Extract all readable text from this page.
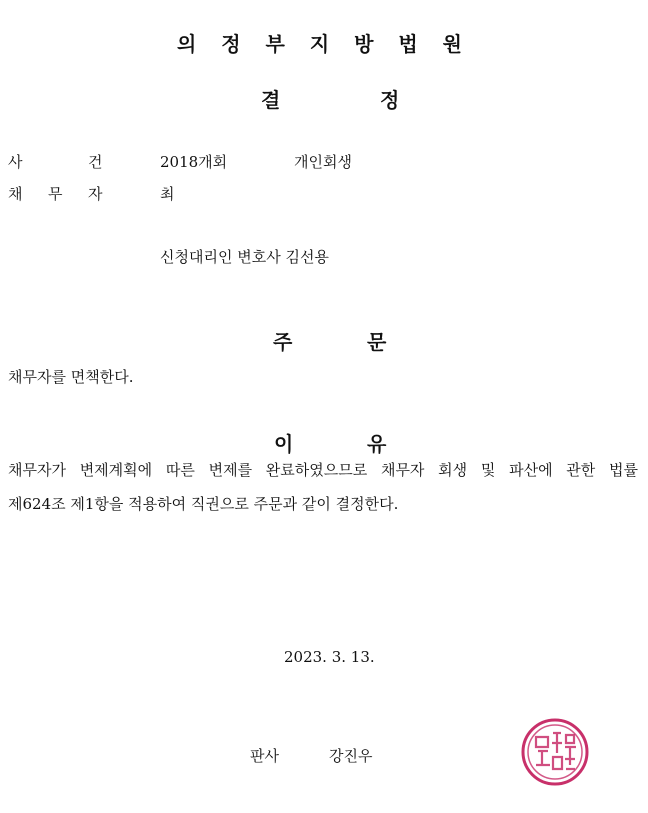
의 정 부 지 방 법 원
결	정
사	건	2018개회	개인회생
채 무 자	최
신청대리인 변호사 김선용
주	문
채무자를 면책한다.
이	유
채무자가 변제계획에 따른 변제를 완료하였으므로 채무자 회생 및 파산에 관한 법률
제624조 제1항을 적용하여 직권으로 주문과 같이 결정한다.
2023. 3. 13.
판사	강진우
